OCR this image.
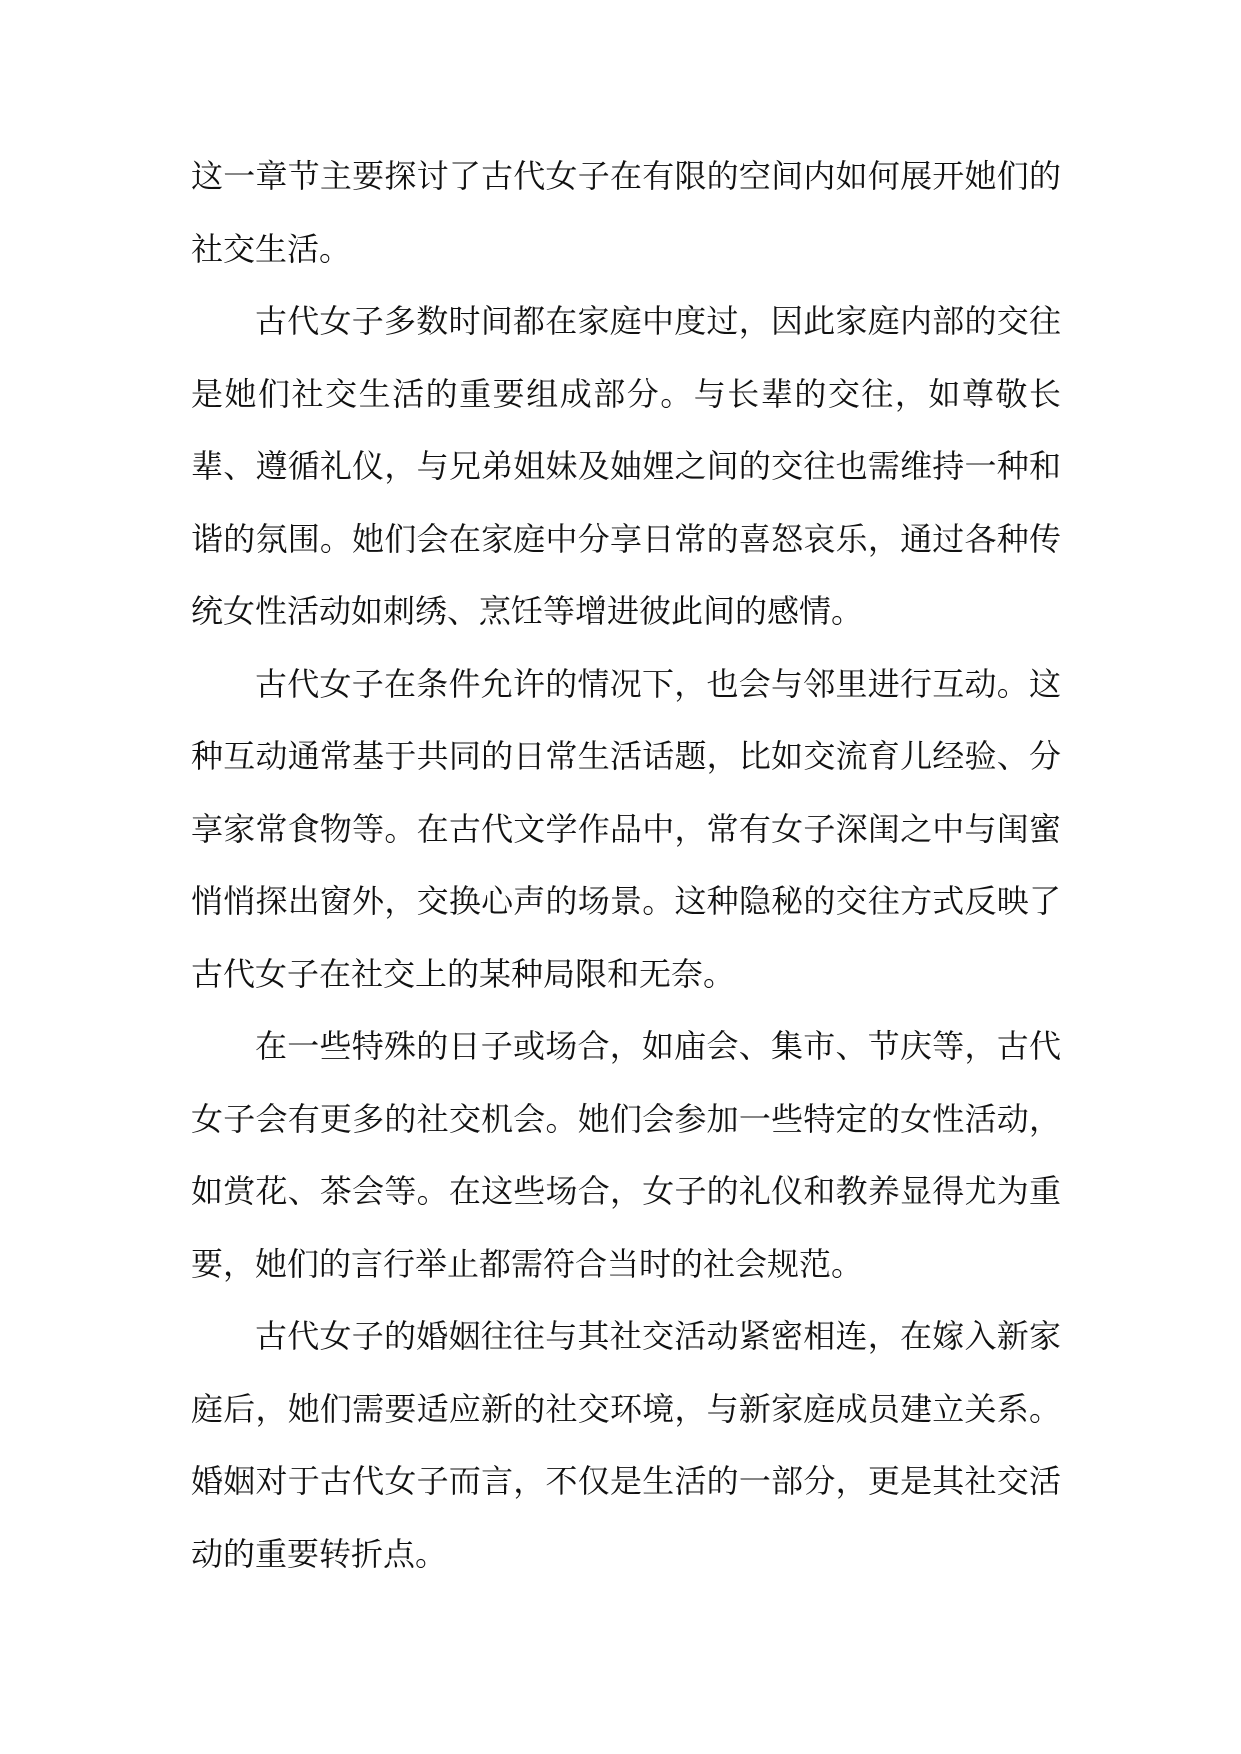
这一章节主要探讨了古代女子在有限的空间内如何展开她们的社交生活。

古代女子多数时间都在家庭中度过，因此家庭内部的交往是她们社交生活的重要组成部分。与长辈的交往，如尊敬长辈、遵循礼仪，与兄弟姐妹及妯娌之间的交往也需维持一种和谐的氛围。她们会在家庭中分享日常的喜怒哀乐，通过各种传统女性活动如刺绣、烹饪等增进彼此间的感情。

古代女子在条件允许的情况下，也会与邻里进行互动。这种互动通常基于共同的日常生活话题，比如交流育儿经验、分享家常食物等。在古代文学作品中，常有女子深闺之中与闺蜜悄悄探出窗外，交换心声的场景。这种隐秘的交往方式反映了古代女子在社交上的某种局限和无奈。

在一些特殊的日子或场合，如庙会、集市、节庆等，古代女子会有更多的社交机会。她们会参加一些特定的女性活动，如赏花、茶会等。在这些场合，女子的礼仪和教养显得尤为重要，她们的言行举止都需符合当时的社会规范。

古代女子的婚姻往往与其社交活动紧密相连，在嫁入新家庭后，她们需要适应新的社交环境，与新家庭成员建立关系。婚姻对于古代女子而言，不仅是生活的一部分，更是其社交活动的重要转折点。
